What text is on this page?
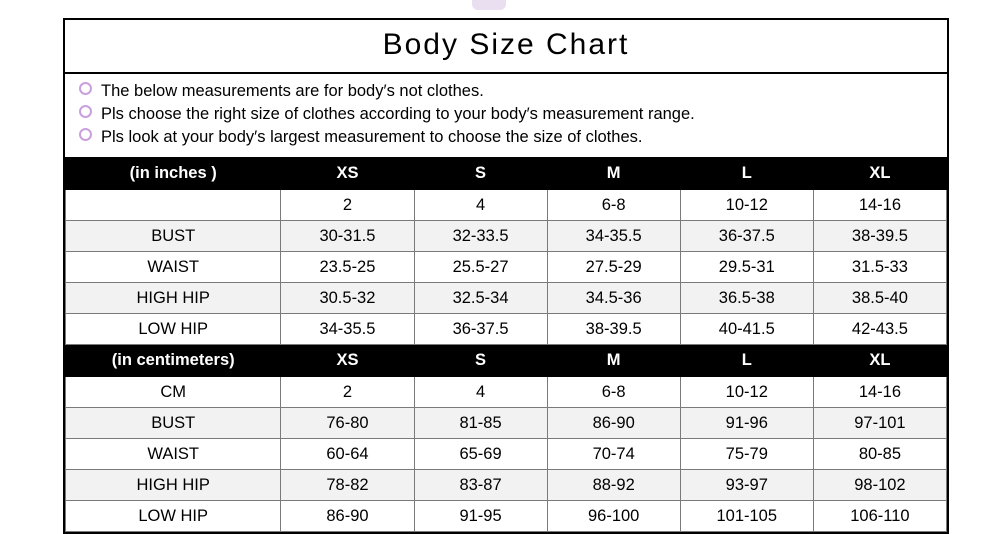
Body Size Chart
The below measurements are for body′s not clothes.
Pls choose the right size of clothes according to your body′s measurement range.
Pls look at your body′s largest measurement to choose the size of clothes.
(in inches )	XS	S	M	L	XL
	2	4	6-8	10-12	14-16
BUST	30-31.5	32-33.5	34-35.5	36-37.5	38-39.5
WAIST	23.5-25	25.5-27	27.5-29	29.5-31	31.5-33
HIGH HIP	30.5-32	32.5-34	34.5-36	36.5-38	38.5-40
LOW HIP	34-35.5	36-37.5	38-39.5	40-41.5	42-43.5
(in centimeters)	XS	S	M	L	XL
CM	2	4	6-8	10-12	14-16
BUST	76-80	81-85	86-90	91-96	97-101
WAIST	60-64	65-69	70-74	75-79	80-85
HIGH HIP	78-82	83-87	88-92	93-97	98-102
LOW HIP	86-90	91-95	96-100	101-105	106-110
